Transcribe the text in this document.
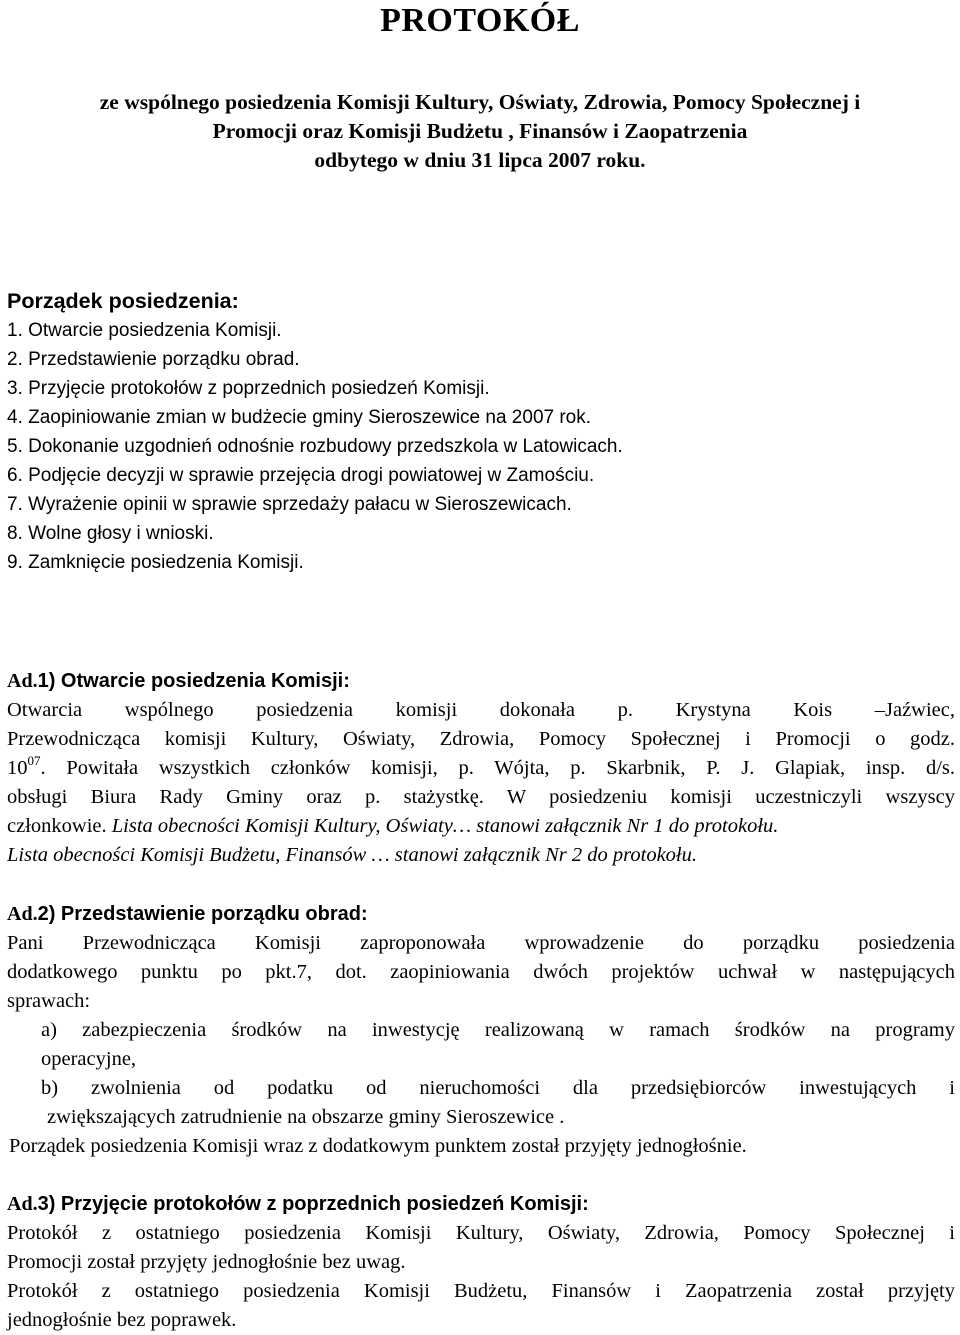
PROTOKÓŁ
ze wspólnego posiedzenia Komisji Kultury, Oświaty, Zdrowia, Pomocy Społecznej i
Promocji oraz Komisji Budżetu , Finansów i Zaopatrzenia
odbytego w dniu 31 lipca 2007 roku.
Porządek posiedzenia:
1. Otwarcie posiedzenia Komisji.
2. Przedstawienie porządku obrad.
3. Przyjęcie protokołów z poprzednich posiedzeń Komisji.
4. Zaopiniowanie zmian w budżecie gminy Sieroszewice na 2007 rok.
5. Dokonanie uzgodnień odnośnie rozbudowy przedszkola w Latowicach.
6. Podjęcie decyzji w sprawie przejęcia drogi powiatowej w Zamościu.
7. Wyrażenie opinii w sprawie sprzedaży pałacu w Sieroszewicach.
8. Wolne głosy i wnioski.
9. Zamknięcie posiedzenia Komisji.
Ad.1) Otwarcie posiedzenia Komisji:
Otwarcia wspólnego posiedzenia komisji dokonała p. Krystyna Kois –Jaźwiec,
Przewodnicząca komisji Kultury, Oświaty, Zdrowia, Pomocy Społecznej i Promocji o godz.
$10^{07}$. Powitała wszystkich członków komisji, p. Wójta, p. Skarbnik, P. J. Glapiak, insp. d/s.
obsługi Biura Rady Gminy oraz p. stażystkę. W posiedzeniu komisji uczestniczyli wszyscy
członkowie. Lista obecności Komisji Kultury, Oświaty… stanowi załącznik Nr 1 do protokołu.
Lista obecności Komisji Budżetu, Finansów … stanowi załącznik Nr 2 do protokołu.
Ad.2) Przedstawienie porządku obrad:
Pani Przewodnicząca Komisji zaproponowała wprowadzenie do porządku posiedzenia
dodatkowego punktu po pkt.7, dot. zaopiniowania dwóch projektów uchwał w następujących
sprawach:
a) zabezpieczenia środków na inwestycję realizowaną w ramach środków na programy
operacyjne,
b) zwolnienia od podatku od nieruchomości dla przedsiębiorców inwestujących i
zwiększających zatrudnienie na obszarze gminy Sieroszewice .
Porządek posiedzenia Komisji wraz z dodatkowym punktem został przyjęty jednogłośnie.
Ad.3) Przyjęcie protokołów z poprzednich posiedzeń Komisji:
Protokół z ostatniego posiedzenia Komisji Kultury, Oświaty, Zdrowia, Pomocy Społecznej i
Promocji został przyjęty jednogłośnie bez uwag.
Protokół z ostatniego posiedzenia Komisji Budżetu, Finansów i Zaopatrzenia został przyjęty
jednogłośnie bez poprawek.
